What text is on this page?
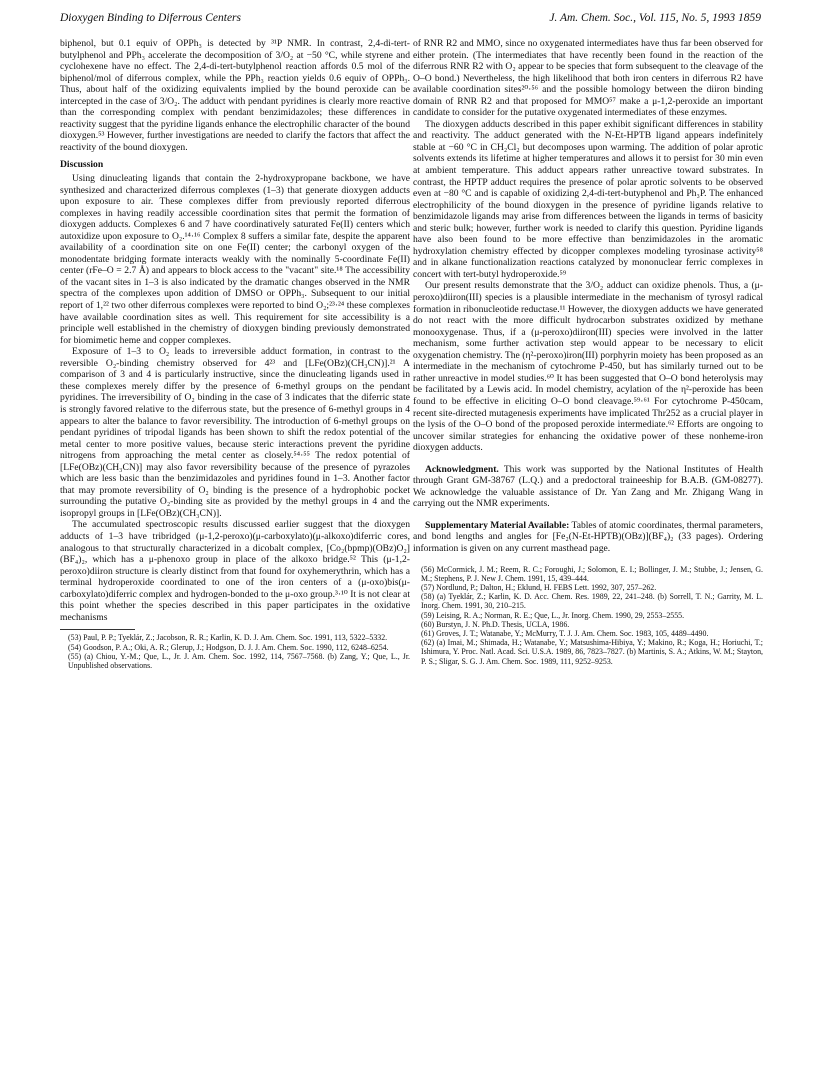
Dioxygen Binding to Diferrous Centers	J. Am. Chem. Soc., Vol. 115, No. 5, 1993 1859

biphenol, but 0.1 equiv of OPPh₃ is detected by ³¹P NMR. In contrast, 2,4-di-tert-butylphenol and PPh₃ accelerate the decomposition of 3/O₂ at −50 °C, while styrene and cyclohexene have no effect. The 2,4-di-tert-butylphenol reaction affords 0.5 mol of the biphenol/mol of diferrous complex, while the PPh₃ reaction yields 0.6 equiv of OPPh₃. Thus, about half of the oxidizing equivalents implied by the bound peroxide can be intercepted in the case of 3/O₂. The adduct with pendant pyridines is clearly more reactive than the corresponding complex with pendant benzimidazoles; these differences in reactivity suggest that the pyridine ligands enhance the electrophilic character of the bound dioxygen.⁵³ However, further investigations are needed to clarify the factors that affect the reactivity of the bound dioxygen.

Discussion

Using dinucleating ligands that contain the 2-hydroxypropane backbone, we have synthesized and characterized diferrous complexes (1–3) that generate dioxygen adducts upon exposure to air. These complexes differ from previously reported diferrous complexes in having readily accessible coordination sites that permit the formation of dioxygen adducts. Complexes 6 and 7 have coordinatively saturated Fe(II) centers which autoxidize upon exposure to O₂.¹⁴·¹⁶ Complex 8 suffers a similar fate, despite the apparent availability of a coordination site on one Fe(II) center; the carbonyl oxygen of the monodentate bridging formate interacts weakly with the nominally 5-coordinate Fe(II) center (rFe–O = 2.7 Å) and appears to block access to the "vacant" site.¹⁸ The accessibility of the vacant sites in 1–3 is also indicated by the dramatic changes observed in the NMR spectra of the complexes upon addition of DMSO or OPPh₃. Subsequent to our initial report of 1,²² two other diferrous complexes were reported to bind O₂;²³·²⁴ these complexes have available coordination sites as well. This requirement for site accessibility is a principle well established in the chemistry of dioxygen binding previously demonstrated for biomimetic heme and copper complexes.

Exposure of 1–3 to O₂ leads to irreversible adduct formation, in contrast to the reversible O₂-binding chemistry observed for 4²³ and [LFe(OBz)(CH₃CN)].²¹ A comparison of 3 and 4 is particularly instructive, since the dinucleating ligands used in these complexes merely differ by the presence of 6-methyl groups on the pendant pyridines. The irreversibility of O₂ binding in the case of 3 indicates that the diferric state is strongly favored relative to the diferrous state, but the presence of 6-methyl groups in 4 appears to alter the balance to favor reversibility. The introduction of 6-methyl groups on pendant pyridines of tripodal ligands has been shown to shift the redox potential of the metal center to more positive values, because steric interactions prevent the pyridine nitrogens from approaching the metal center as closely.⁵⁴·⁵⁵ The redox potential of [LFe(OBz)(CH₃CN)] may also favor reversibility because of the presence of pyrazoles which are less basic than the benzimidazoles and pyridines found in 1–3. Another factor that may promote reversibility of O₂ binding is the presence of a hydrophobic pocket surrounding the putative O₂-binding site as provided by the methyl groups in 4 and the isopropyl groups in [LFe(OBz)(CH₃CN)].

The accumulated spectroscopic results discussed earlier suggest that the dioxygen adducts of 1–3 have tribridged (μ-1,2-peroxo)(μ-carboxylato)(μ-alkoxo)diferric cores, analogous to that structurally characterized in a dicobalt complex, [Co₂(bpmp)(OBz)O₂](BF₄)₂, which has a μ-phenoxo group in place of the alkoxo bridge.⁵² This (μ-1,2-peroxo)diiron structure is clearly distinct from that found for oxyhemerythrin, which has a terminal hydroperoxide coordinated to one of the iron centers of a (μ-oxo)bis(μ-carboxylato)diferric complex and hydrogen-bonded to the μ-oxo group.³·¹⁰ It is not clear at this point whether the species described in this paper participates in the oxidative mechanisms

(53) Paul, P. P.; Tyeklár, Z.; Jacobson, R. R.; Karlin, K. D. J. Am. Chem. Soc. 1991, 113, 5322–5332.

(54) Goodson, P. A.; Oki, A. R.; Glerup, J.; Hodgson, D. J. J. Am. Chem. Soc. 1990, 112, 6248–6254.

(55) (a) Chiou, Y.-M.; Que, L., Jr. J. Am. Chem. Soc. 1992, 114, 7567–7568. (b) Zang, Y.; Que, L., Jr. Unpublished observations.

of RNR R2 and MMO, since no oxygenated intermediates have thus far been observed for either protein. (The intermediates that have recently been found in the reaction of the diferrous RNR R2 with O₂ appear to be species that form subsequent to the cleavage of the O–O bond.) Nevertheless, the high likelihood that both iron centers in diferrous R2 have available coordination sites²⁰·⁵⁶ and the possible homology between the diiron binding domain of RNR R2 and that proposed for MMO⁵⁷ make a μ-1,2-peroxide an important candidate to consider for the putative oxygenated intermediates of these enzymes.

The dioxygen adducts described in this paper exhibit significant differences in stability and reactivity. The adduct generated with the N-Et-HPTB ligand appears indefinitely stable at −60 °C in CH₂Cl₂ but decomposes upon warming. The addition of polar aprotic solvents extends its lifetime at higher temperatures and allows it to persist for 30 min even at ambient temperature. This adduct appears rather unreactive toward substrates. In contrast, the HPTP adduct requires the presence of polar aprotic solvents to be observed even at −80 °C and is capable of oxidizing 2,4-di-tert-butyphenol and Ph₃P. The enhanced electrophilicity of the bound dioxygen in the presence of pyridine ligands relative to benzimidazole ligands may arise from differences between the ligands in terms of basicity and steric bulk; however, further work is needed to clarify this question. Pyridine ligands have also been found to be more effective than benzimidazoles in the aromatic hydroxylation chemistry effected by dicopper complexes modeling tyrosinase activity⁵⁸ and in alkane functionalization reactions catalyzed by mononuclear ferric complexes in concert with tert-butyl hydroperoxide.⁵⁹

Our present results demonstrate that the 3/O₂ adduct can oxidize phenols. Thus, a (μ-peroxo)diiron(III) species is a plausible intermediate in the mechanism of tyrosyl radical formation in ribonucleotide reductase.¹¹ However, the dioxygen adducts we have generated do not react with the more difficult hydrocarbon substrates oxidized by methane monooxygenase. Thus, if a (μ-peroxo)diiron(III) species were involved in the latter mechanism, some further activation step would appear to be necessary to elicit oxygenation chemistry. The (η²-peroxo)iron(III) porphyrin moiety has been proposed as an intermediate in the mechanism of cytochrome P-450, but has similarly turned out to be rather unreactive in model studies.⁶⁰ It has been suggested that O–O bond heterolysis may be facilitated by a Lewis acid. In model chemistry, acylation of the η²-peroxide has been found to be effective in eliciting O–O bond cleavage.⁵⁹·⁶¹ For cytochrome P-450cam, recent site-directed mutagenesis experiments have implicated Thr252 as a crucial player in the lysis of the O–O bond of the proposed peroxide intermediate.⁶² Efforts are ongoing to uncover similar strategies for enhancing the oxidative power of these nonheme-iron dioxygen adducts.

Acknowledgment. This work was supported by the National Institutes of Health through Grant GM-38767 (L.Q.) and a predoctoral traineeship for B.A.B. (GM-08277). We acknowledge the valuable assistance of Dr. Yan Zang and Mr. Zhigang Wang in carrying out the NMR experiments.

Supplementary Material Available: Tables of atomic coordinates, thermal parameters, and bond lengths and angles for [Fe₂(N-Et-HPTB)(OBz)](BF₄)₂ (33 pages). Ordering information is given on any current masthead page.

(56) McCormick, J. M.; Reem, R. C.; Foroughi, J.; Solomon, E. I.; Bollinger, J. M.; Stubbe, J.; Jensen, G. M.; Stephens, P. J. New J. Chem. 1991, 15, 439–444.

(57) Nordlund, P.; Dalton, H.; Eklund, H. FEBS Lett. 1992, 307, 257–262.

(58) (a) Tyeklár, Z.; Karlin, K. D. Acc. Chem. Res. 1989, 22, 241–248. (b) Sorrell, T. N.; Garrity, M. L. Inorg. Chem. 1991, 30, 210–215.

(59) Leising, R. A.; Norman, R. E.; Que, L., Jr. Inorg. Chem. 1990, 29, 2553–2555.

(60) Burstyn, J. N. Ph.D. Thesis, UCLA, 1986.

(61) Groves, J. T.; Watanabe, Y.; McMurry, T. J. J. Am. Chem. Soc. 1983, 105, 4489–4490.

(62) (a) Imai, M.; Shimada, H.; Watanabe, Y.; Matsushima-Hibiya, Y.; Makino, R.; Koga, H.; Horiuchi, T.; Ishimura, Y. Proc. Natl. Acad. Sci. U.S.A. 1989, 86, 7823–7827. (b) Martinis, S. A.; Atkins, W. M.; Stayton, P. S.; Sligar, S. G. J. Am. Chem. Soc. 1989, 111, 9252–9253.
